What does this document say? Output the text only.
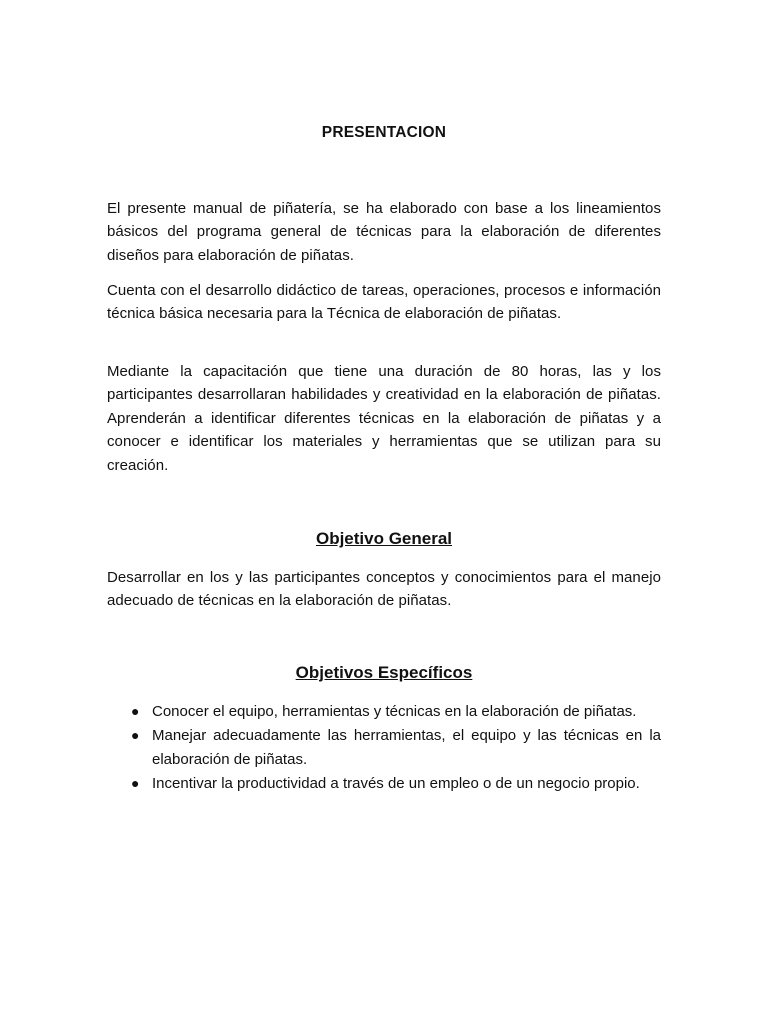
PRESENTACION

El presente manual de piñatería, se ha elaborado con base a los lineamientos básicos del programa general de técnicas para la elaboración de diferentes diseños para elaboración de piñatas.

Cuenta con el desarrollo didáctico de tareas, operaciones, procesos e información técnica básica necesaria para la Técnica de elaboración de piñatas.

Mediante la capacitación que tiene una duración de 80 horas, las y los participantes desarrollaran habilidades y creatividad en la elaboración de piñatas. Aprenderán a identificar diferentes técnicas en la elaboración de piñatas y a conocer e identificar los materiales y herramientas que se utilizan para su creación.

Objetivo General

Desarrollar en los y las participantes conceptos y conocimientos para el manejo adecuado de técnicas en la elaboración de piñatas.

Objetivos Específicos
● Conocer el equipo, herramientas y técnicas en la elaboración de piñatas.
● Manejar adecuadamente las herramientas, el equipo y las técnicas en la elaboración de piñatas.
● Incentivar la productividad a través de un empleo o de un negocio propio.
